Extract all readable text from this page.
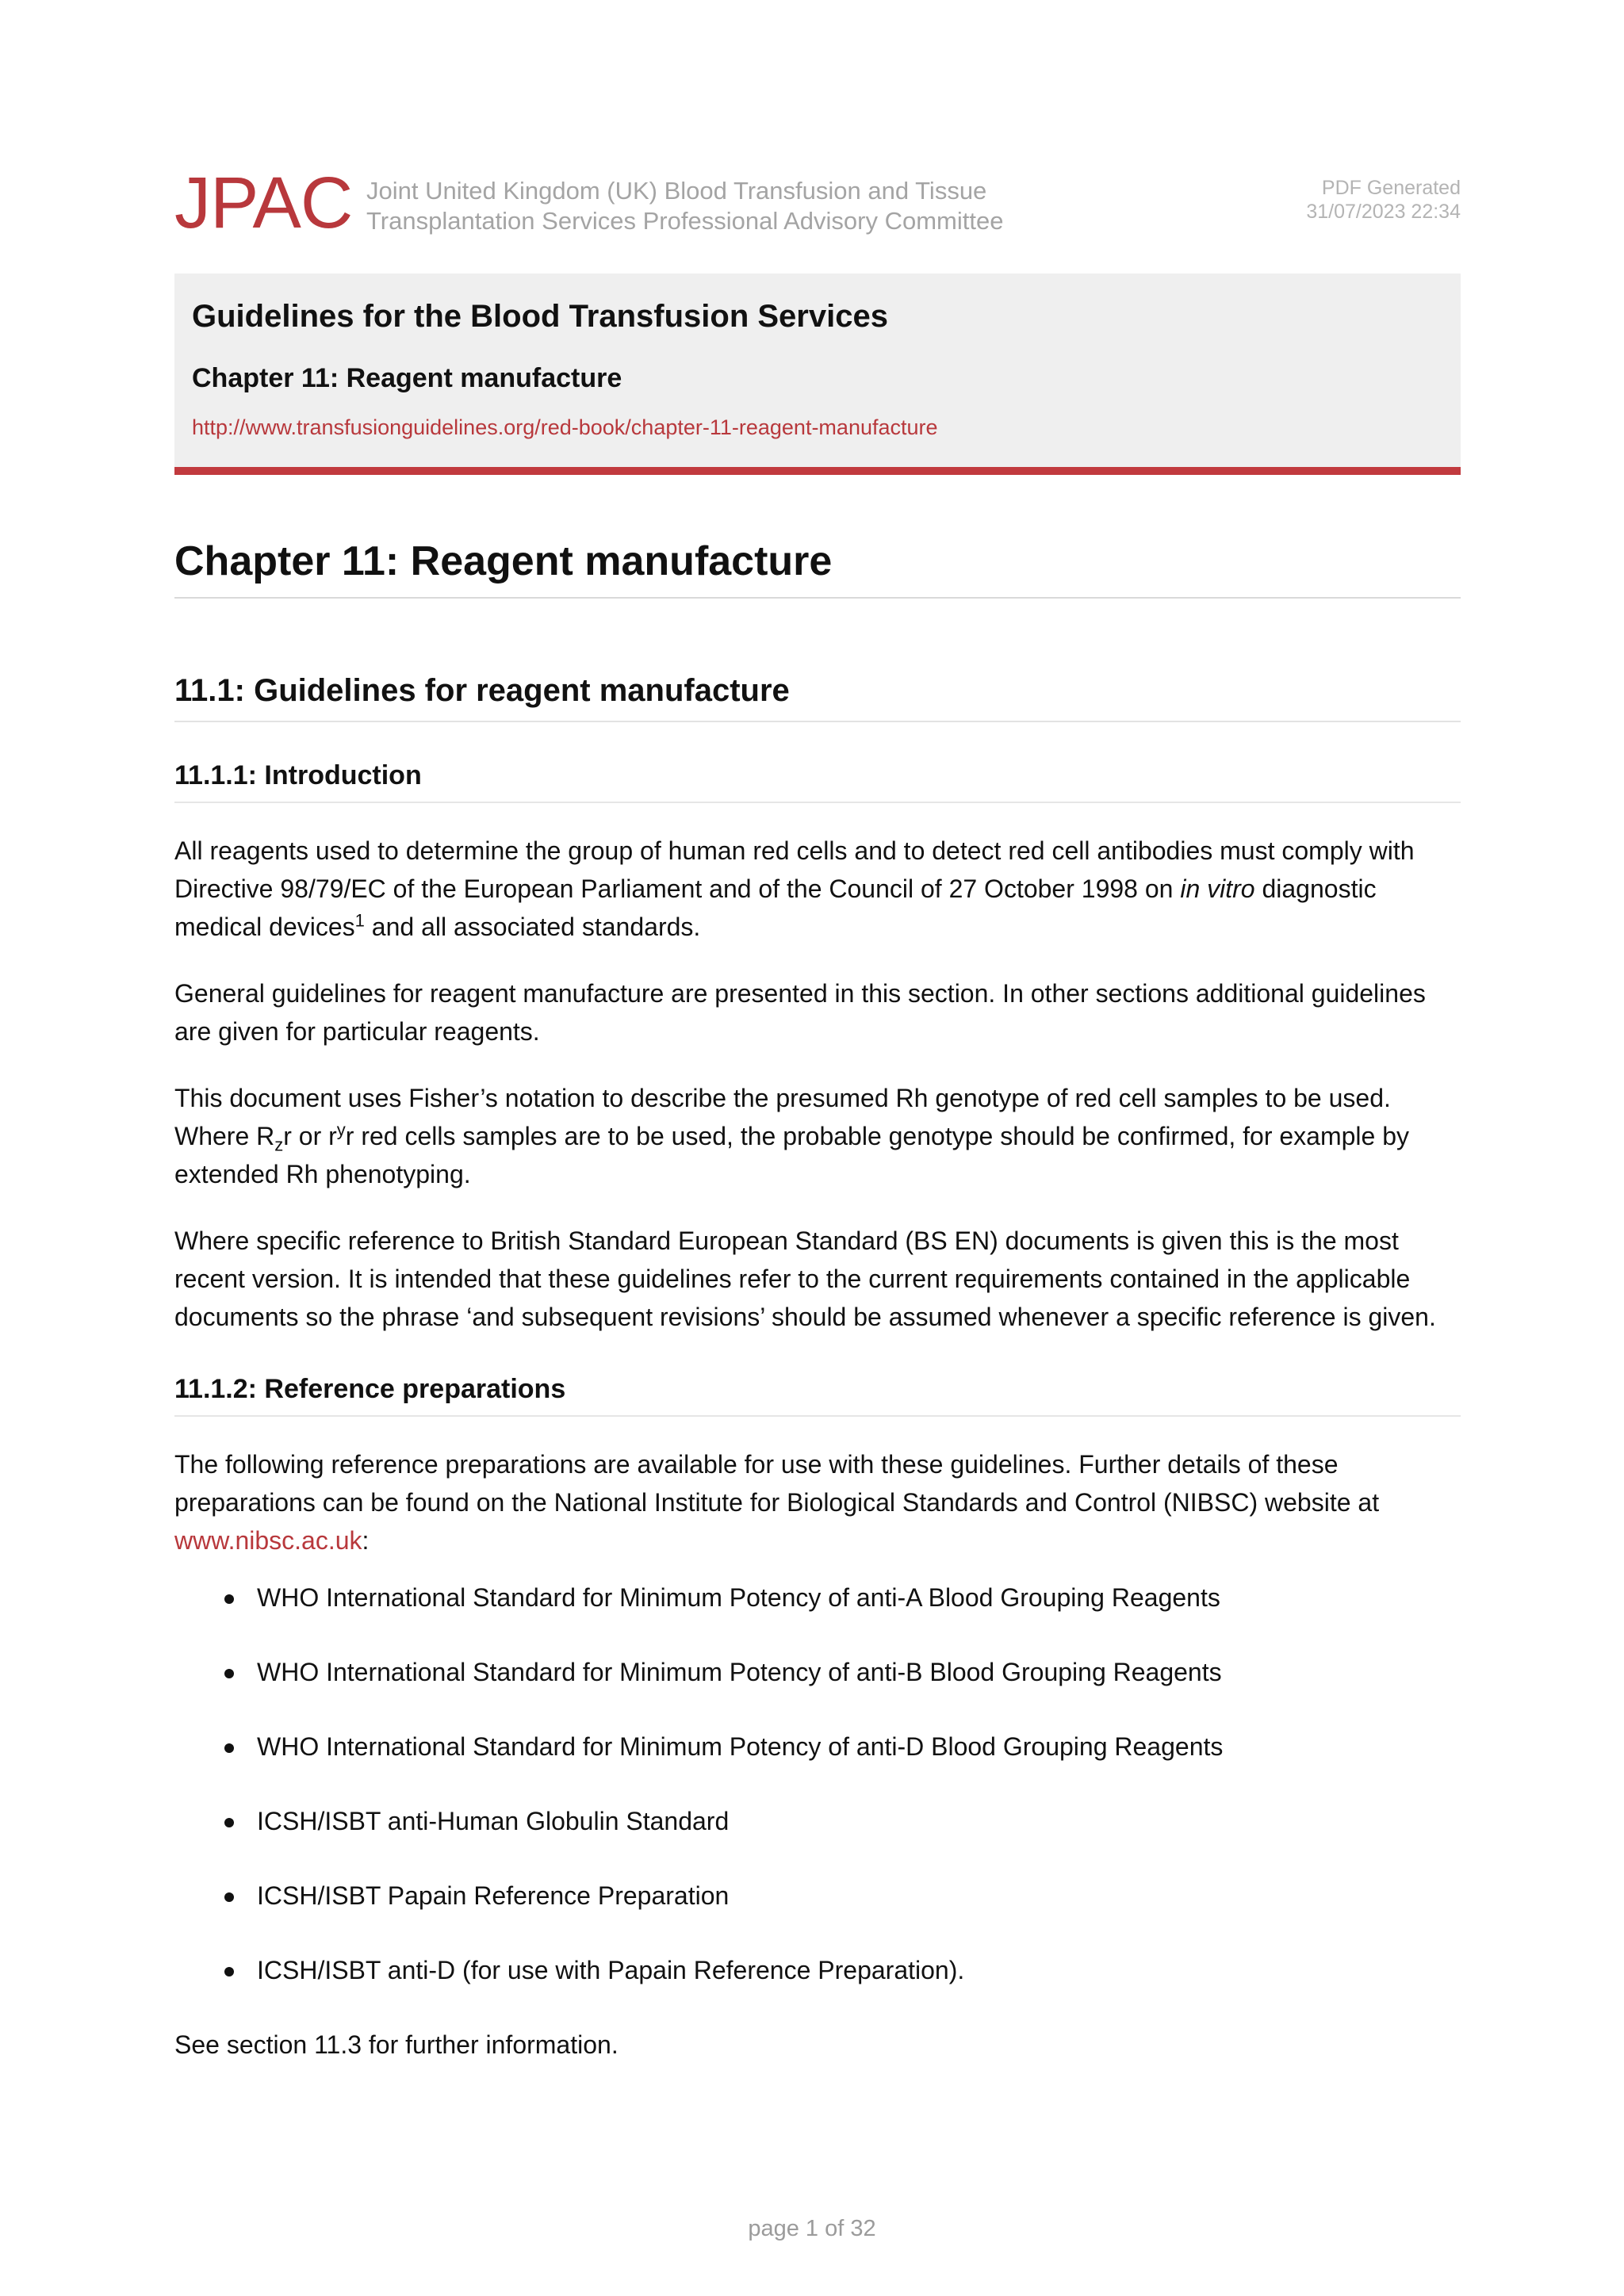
JPAC Joint United Kingdom (UK) Blood Transfusion and Tissue
Transplantation Services Professional Advisory Committee
PDF Generated
31/07/2023 22:34
Guidelines for the Blood Transfusion Services
Chapter 11: Reagent manufacture
http://www.transfusionguidelines.org/red-book/chapter-11-reagent-manufacture
Chapter 11: Reagent manufacture
11.1: Guidelines for reagent manufacture
11.1.1: Introduction

All reagents used to determine the group of human red cells and to detect red cell antibodies must comply with Directive 98/79/EC of the European Parliament and of the Council of 27 October 1998 on in vitro diagnostic medical devices$^1$ and all associated standards.

General guidelines for reagent manufacture are presented in this section. In other sections additional guidelines are given for particular reagents.

This document uses Fisher’s notation to describe the presumed Rh genotype of red cell samples to be used. Where $R_zr$ or $r^yr$ red cells samples are to be used, the probable genotype should be confirmed, for example by extended Rh phenotyping.

Where specific reference to British Standard European Standard (BS EN) documents is given this is the most recent version. It is intended that these guidelines refer to the current requirements contained in the applicable documents so the phrase ‘and subsequent revisions’ should be assumed whenever a specific reference is given.

11.1.2: Reference preparations

The following reference preparations are available for use with these guidelines. Further details of these preparations can be found on the National Institute for Biological Standards and Control (NIBSC) website at www.nibsc.ac.uk:

WHO International Standard for Minimum Potency of anti-A Blood Grouping Reagents
WHO International Standard for Minimum Potency of anti-B Blood Grouping Reagents
WHO International Standard for Minimum Potency of anti-D Blood Grouping Reagents
ICSH/ISBT anti-Human Globulin Standard
ICSH/ISBT Papain Reference Preparation
ICSH/ISBT anti-D (for use with Papain Reference Preparation).

See section 11.3 for further information.

page 1 of 32
